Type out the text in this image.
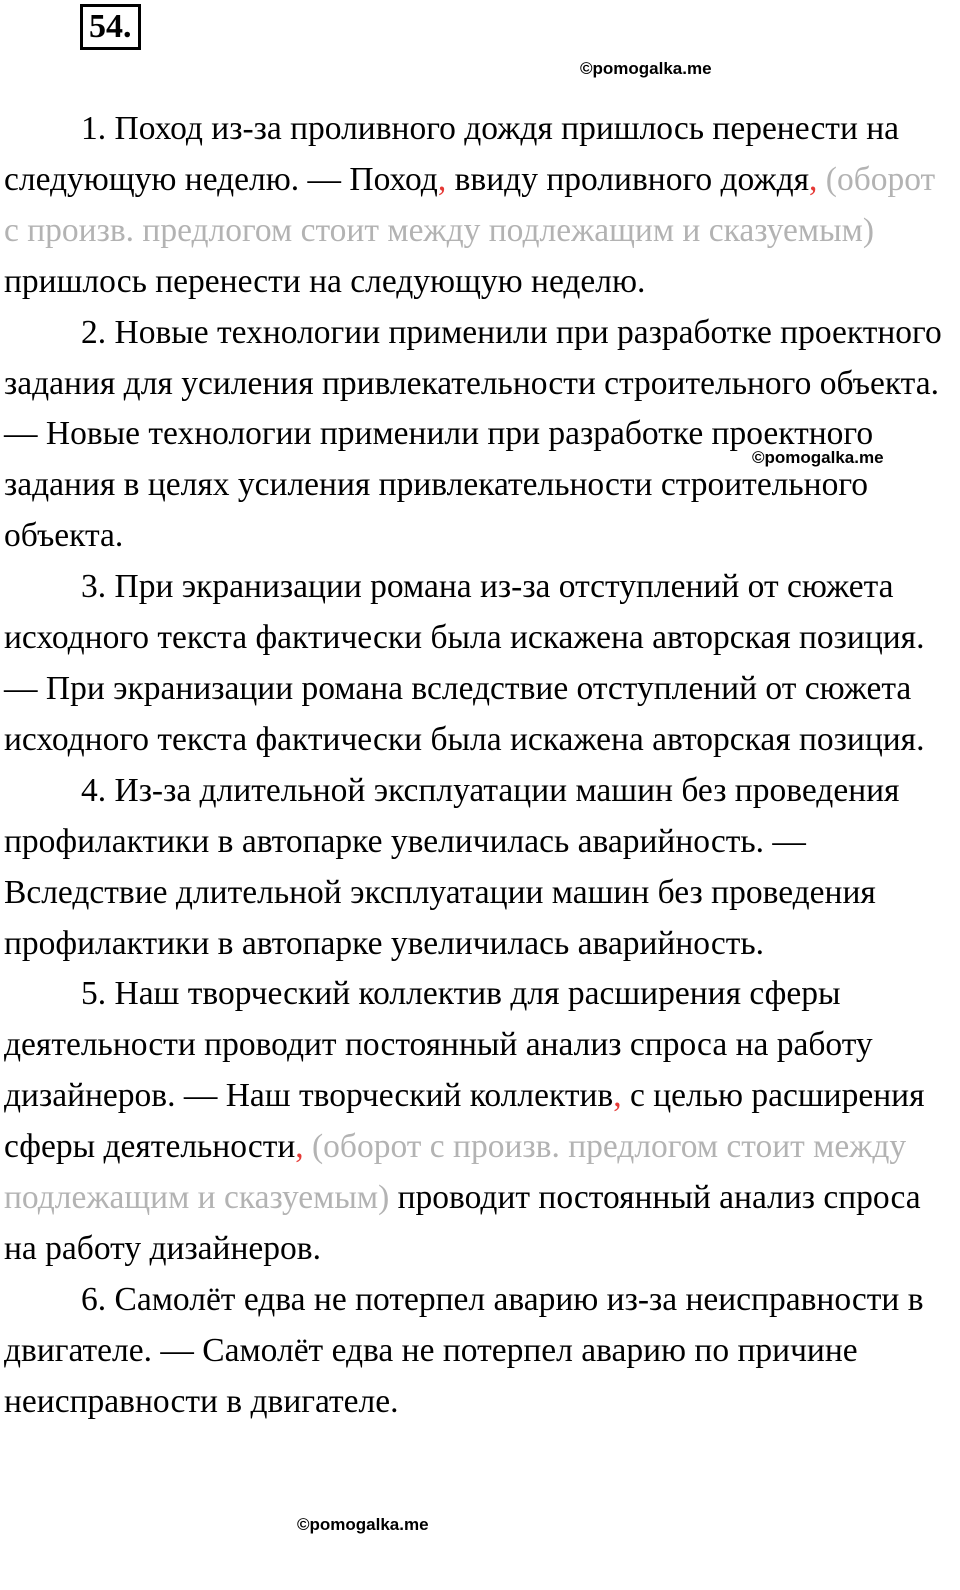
54.
©pomogalka.me

1. Поход из-за проливного дождя пришлось перенести на следующую неделю. — Поход, ввиду проливного дождя, (оборот с произв. предлогом стоит между подлежащим и сказуемым) пришлось перенести на следующую неделю.

2. Новые технологии применили при разработке проектного задания для усиления привлекательности строительного объекта. — Новые технологии применили при разработке проектного задания в целях усиления привлекательности строительного объекта.

3. При экранизации романа из-за отступлений от сюжета исходного текста фактически была искажена авторская позиция. — При экранизации романа вследствие отступлений от сюжета исходного текста фактически была искажена авторская позиция.

4. Из-за длительной эксплуатации машин без проведения профилактики в автопарке увеличилась аварийность. — Вследствие длительной эксплуатации машин без проведения профилактики в автопарке увеличилась аварийность.

5. Наш творческий коллектив для расширения сферы деятельности проводит постоянный анализ спроса на работу дизайнеров. — Наш творческий коллектив, с целью расширения сферы деятельности, (оборот с произв. предлогом стоит между подлежащим и сказуемым) проводит постоянный анализ спроса на работу дизайнеров.

6. Самолёт едва не потерпел аварию из-за неисправности в двигателе. — Самолёт едва не потерпел аварию по причине неисправности в двигателе.

©pomogalka.me
©pomogalka.me
